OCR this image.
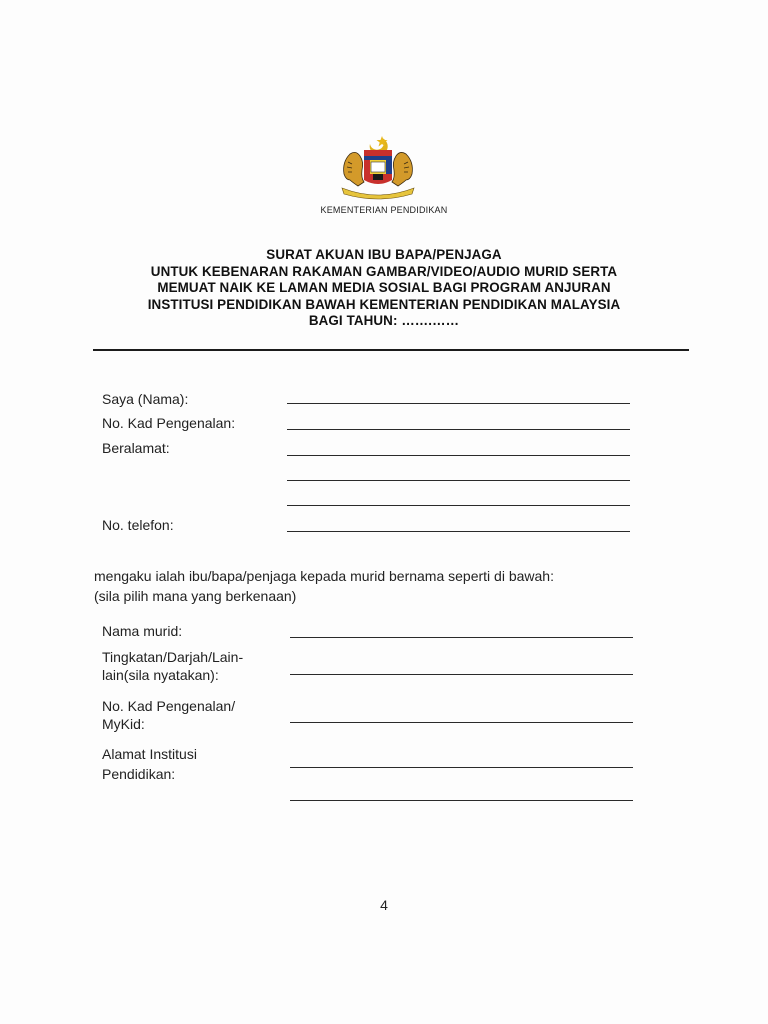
KEMENTERIAN PENDIDIKAN
SURAT AKUAN IBU BAPA/PENJAGA
UNTUK KEBENARAN RAKAMAN GAMBAR/VIDEO/AUDIO MURID SERTA
MEMUAT NAIK KE LAMAN MEDIA SOSIAL BAGI PROGRAM ANJURAN
INSTITUSI PENDIDIKAN BAWAH KEMENTERIAN PENDIDIKAN MALAYSIA
BAGI TAHUN: …….……
Saya (Nama):
No. Kad Pengenalan:
Beralamat:
No. telefon:
mengaku ialah ibu/bapa/penjaga kepada murid bernama seperti di bawah:
(sila pilih mana yang berkenaan)
Nama murid:
Tingkatan/Darjah/Lain-
lain(sila nyatakan):
No. Kad Pengenalan/
MyKid:
Alamat Institusi
Pendidikan:
4
